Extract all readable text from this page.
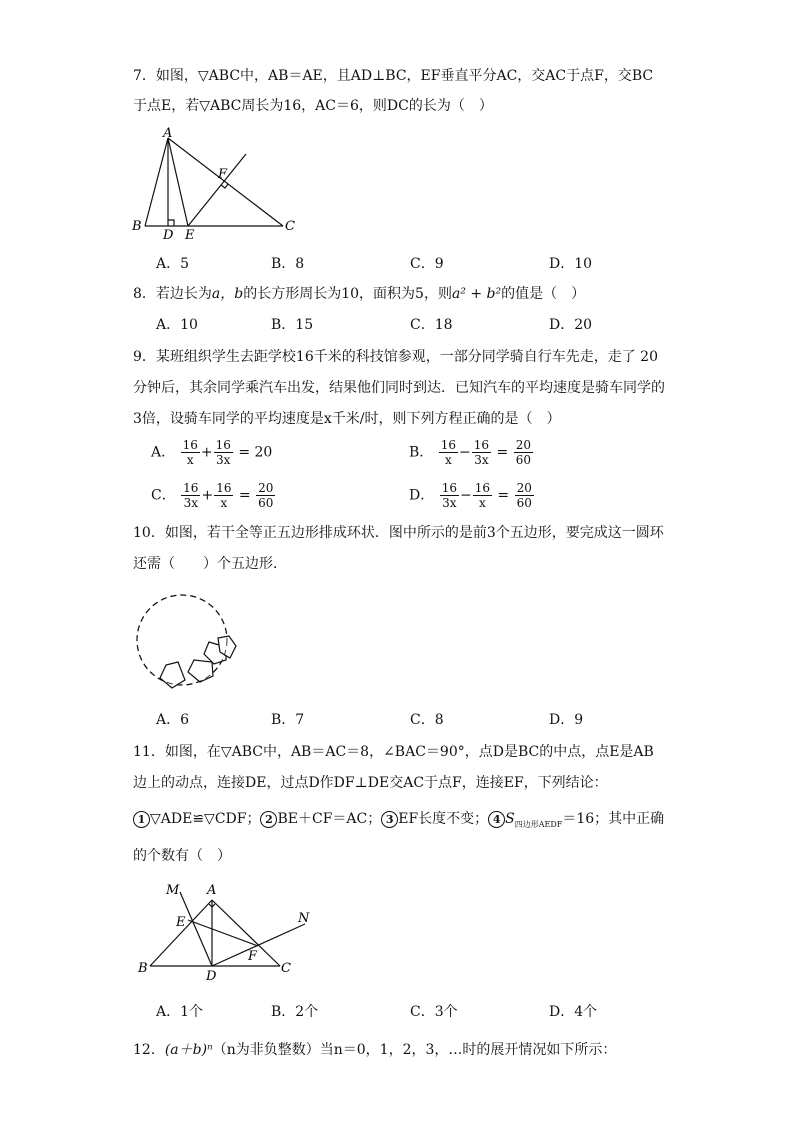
7．如图，▽ABC中，AB＝AE，且AD⊥BC，EF垂直平分AC，交AC于点F，交BC
于点E，若▽ABC周长为16，AC＝6，则DC的长为（　）
A
B	C
D E
F
A．5	B．8	C．9	D．10
8．若边长为a，b的长方形周长为10，面积为5，则a² + b²的值是（　）
A．10	B．15	C．18	D．20
9．某班组织学生去距学校16千米的科技馆参观，一部分同学骑自行车先走，走了 20
分钟后，其余同学乘汽车出发，结果他们同时到达．已知汽车的平均速度是骑车同学的
3倍，设骑车同学的平均速度是x千米/时，则下列方程正确的是（　）
A． $\frac{16}{x} + \frac{16}{3x} = 20$	B． $\frac{16}{x} - \frac{16}{3x} = \frac{20}{60}$
C． $\frac{16}{3x} + \frac{16}{x} = \frac{20}{60}$	D． $\frac{16}{3x} - \frac{16}{x} = \frac{20}{60}$
10．如图，若干全等正五边形排成环状．图中所示的是前3个五边形，要完成这一圆环
还需（　　）个五边形．
A．6	B．7	C．8	D．9
11．如图，在▽ABC中，AB＝AC＝8，∠BAC＝90°，点D是BC的中点，点E是AB
边上的动点，连接DE，过点D作DF⊥DE交AC于点F，连接EF，下列结论：
1 ▽ADE≌▽CDF； 2 BE＋CF＝AC； 3 EF长度不变； 4 $S_{四边形AEDF}=16$；其中正确
的个数有（　）
M A
E	N
B
D
F
C
A．1个	B．2个	C．3个	D．4个
12．(a＋b)ⁿ（n为非负整数）当n＝0，1，2，3，…时的展开情况如下所示：
